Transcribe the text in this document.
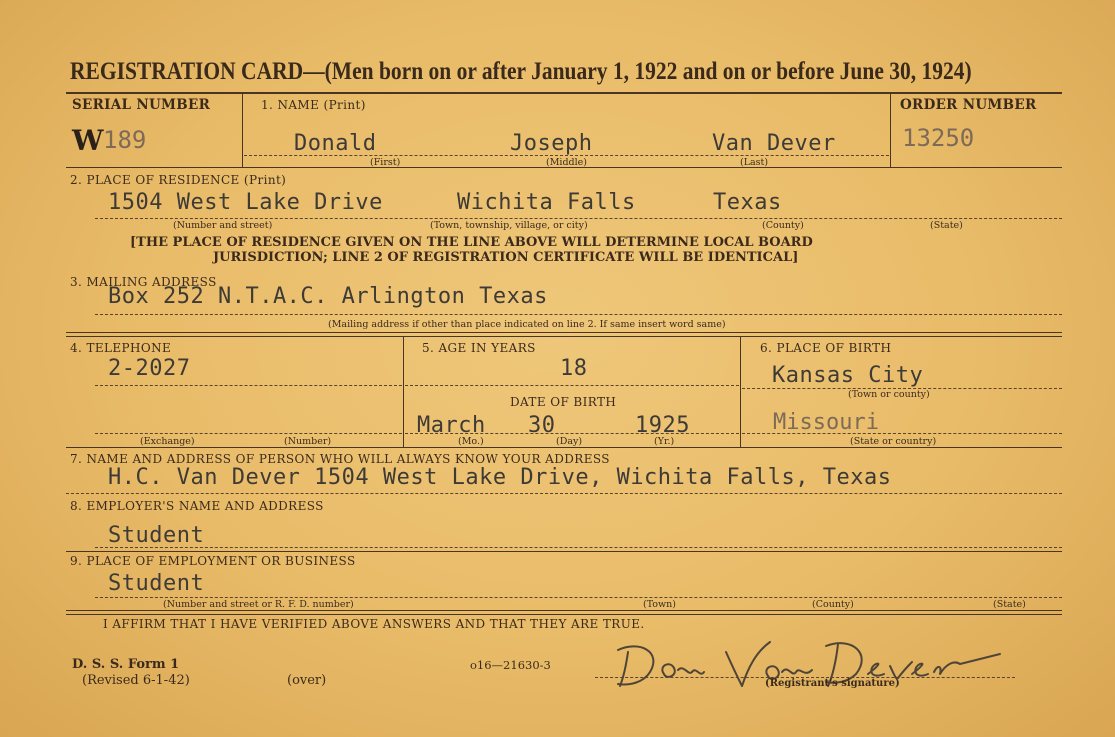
REGISTRATION CARD—(Men born on or after January 1, 1922 and on or before June 30, 1924)
SERIAL NUMBER
W 189
1. NAME (Print)
Donald	Joseph	Van Dever
(First)	(Middle)	(Last)
ORDER NUMBER
13250
2. PLACE OF RESIDENCE (Print)
1504 West Lake Drive	Wichita Falls	Texas
(Number and street)	(Town, township, village, or city)	(County)	(State)
[THE PLACE OF RESIDENCE GIVEN ON THE LINE ABOVE WILL DETERMINE LOCAL BOARD
JURISDICTION; LINE 2 OF REGISTRATION CERTIFICATE WILL BE IDENTICAL]
3. MAILING ADDRESS
Box 252 N.T.A.C. Arlington Texas
(Mailing address if other than place indicated on line 2. If same insert word same)
4. TELEPHONE
2-2027
(Exchange)	(Number)
5. AGE IN YEARS
18
DATE OF BIRTH
March 30	1925
(Mo.)	(Day)	(Yr.)
6. PLACE OF BIRTH
Kansas City
(Town or county)
Missouri
(State or country)
7. NAME AND ADDRESS OF PERSON WHO WILL ALWAYS KNOW YOUR ADDRESS
H.C. Van Dever 1504 West Lake Drive, Wichita Falls, Texas
8. EMPLOYER'S NAME AND ADDRESS
Student
9. PLACE OF EMPLOYMENT OR BUSINESS
Student
(Number and street or R. F. D. number)	(Town)	(County)	(State)
I AFFIRM THAT I HAVE VERIFIED ABOVE ANSWERS AND THAT THEY ARE TRUE.
D. S. S. Form 1
(Revised 6-1-42)	(over)
o16—21630-3
(Registrant's signature)
